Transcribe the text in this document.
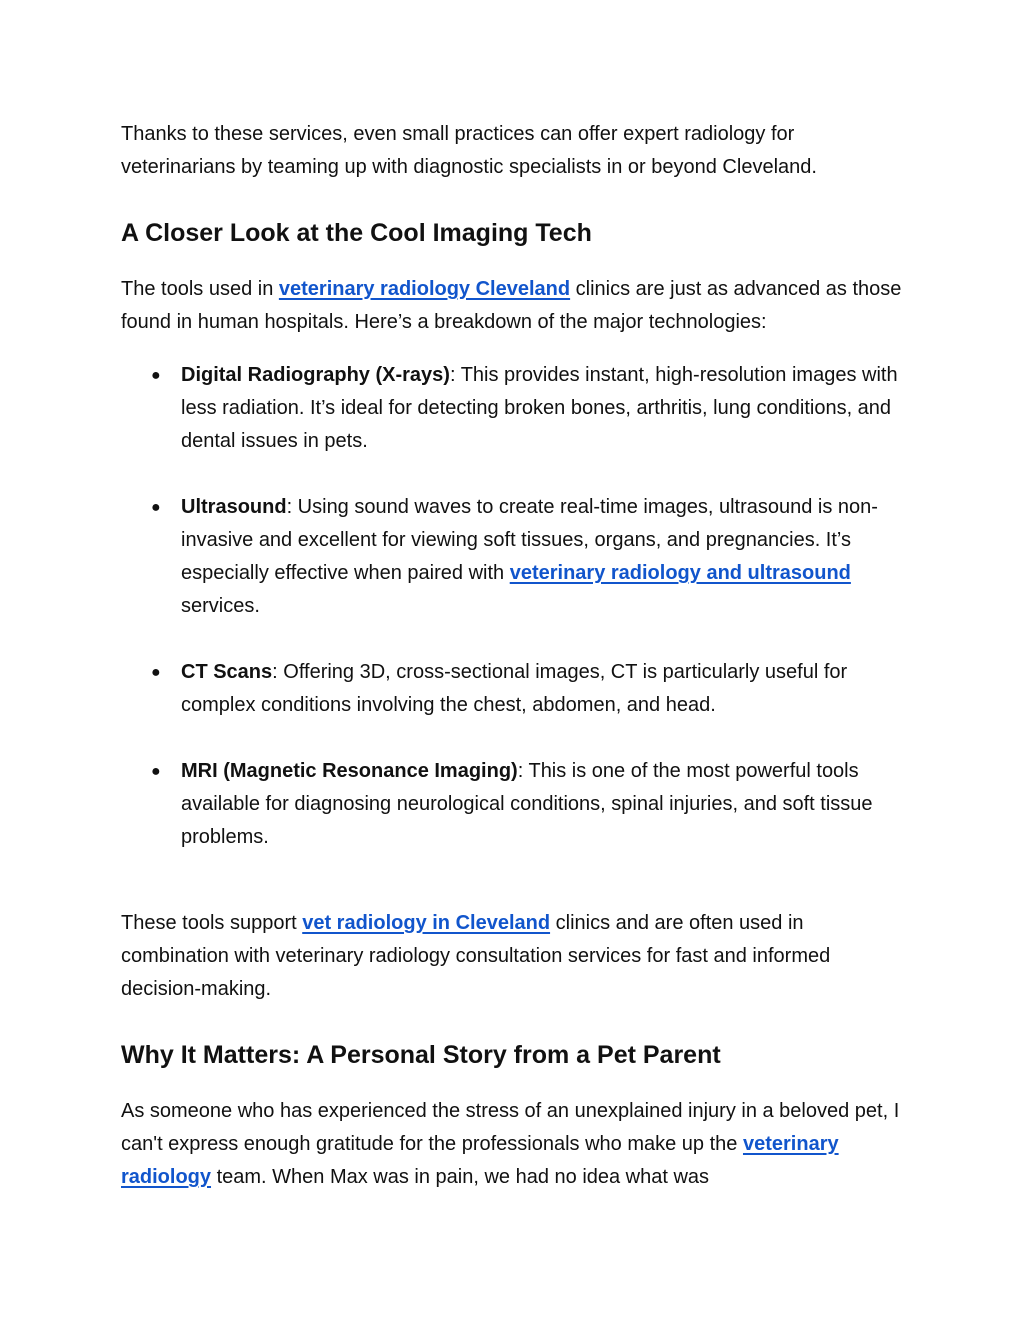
Thanks to these services, even small practices can offer expert radiology for veterinarians by teaming up with diagnostic specialists in or beyond Cleveland.

A Closer Look at the Cool Imaging Tech

The tools used in veterinary radiology Cleveland clinics are just as advanced as those found in human hospitals. Here’s a breakdown of the major technologies:

● Digital Radiography (X-rays): This provides instant, high-resolution images with less radiation. It’s ideal for detecting broken bones, arthritis, lung conditions, and dental issues in pets.
● Ultrasound: Using sound waves to create real-time images, ultrasound is non-invasive and excellent for viewing soft tissues, organs, and pregnancies. It’s especially effective when paired with veterinary radiology and ultrasound services.
● CT Scans: Offering 3D, cross-sectional images, CT is particularly useful for complex conditions involving the chest, abdomen, and head.
● MRI (Magnetic Resonance Imaging): This is one of the most powerful tools available for diagnosing neurological conditions, spinal injuries, and soft tissue problems.

These tools support vet radiology in Cleveland clinics and are often used in combination with veterinary radiology consultation services for fast and informed decision-making.

Why It Matters: A Personal Story from a Pet Parent

As someone who has experienced the stress of an unexplained injury in a beloved pet, I can't express enough gratitude for the professionals who make up the veterinary radiology team. When Max was in pain, we had no idea what was
